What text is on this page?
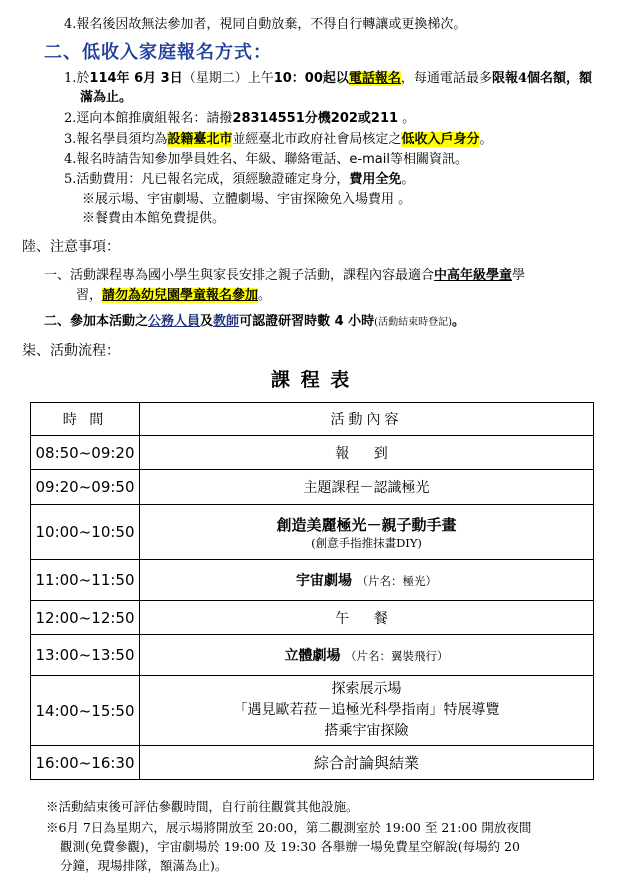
4.報名後因故無法參加者，視同自動放棄，不得自行轉讓或更換梯次。
二、低收入家庭報名方式：
1.於114年 6月 3日（星期二）上午10：00起以電話報名，每通電話最多限報4個名額，額
滿為止。
2.逕向本館推廣組報名：請撥28314551分機202或211 。
3.報名學員須均為設籍臺北市並經臺北市政府社會局核定之低收入戶身分。
4.報名時請告知參加學員姓名、年級、聯絡電話、e-mail等相關資訊。
5.活動費用：凡已報名完成，須經驗證確定身分，費用全免。
※展示場、宇宙劇場、立體劇場、宇宙探險免入場費用 。
※餐費由本館免費提供。
陸、注意事項：
一、活動課程專為國小學生與家長安排之親子活動，課程內容最適合中高年級學童學
習，請勿為幼兒園學童報名參加。
二、參加本活動之公務人員及教師可認證研習時數 4 小時(活動結束時登記)。
柒、活動流程：
課 程 表
時 間	活動內容
08:50~09:20	報 到
09:20~09:50	主題課程－認識極光
10:00~10:50	創造美麗極光－親子動手畫
(創意手指推抹畫DIY)

11:00~11:50	宇宙劇場 （片名：極光）
12:00~12:50	午 餐
13:00~13:50	立體劇場 （片名：翼裝飛行）
14:00~15:50	探索展示場
「遇見歐若菈－追極光科學指南」特展導覽
搭乘宇宙探險

16:00~16:30	綜合討論與結業
※活動結束後可評估參觀時間，自行前往觀賞其他設施。
※6月 7日為星期六，展示場將開放至 20:00，第二觀測室於 19:00 至 21:00 開放夜間
觀測(免費參觀)，宇宙劇場於 19:00 及 19:30 各舉辦一場免費星空解說(每場約 20
分鐘，現場排隊，額滿為止)。
